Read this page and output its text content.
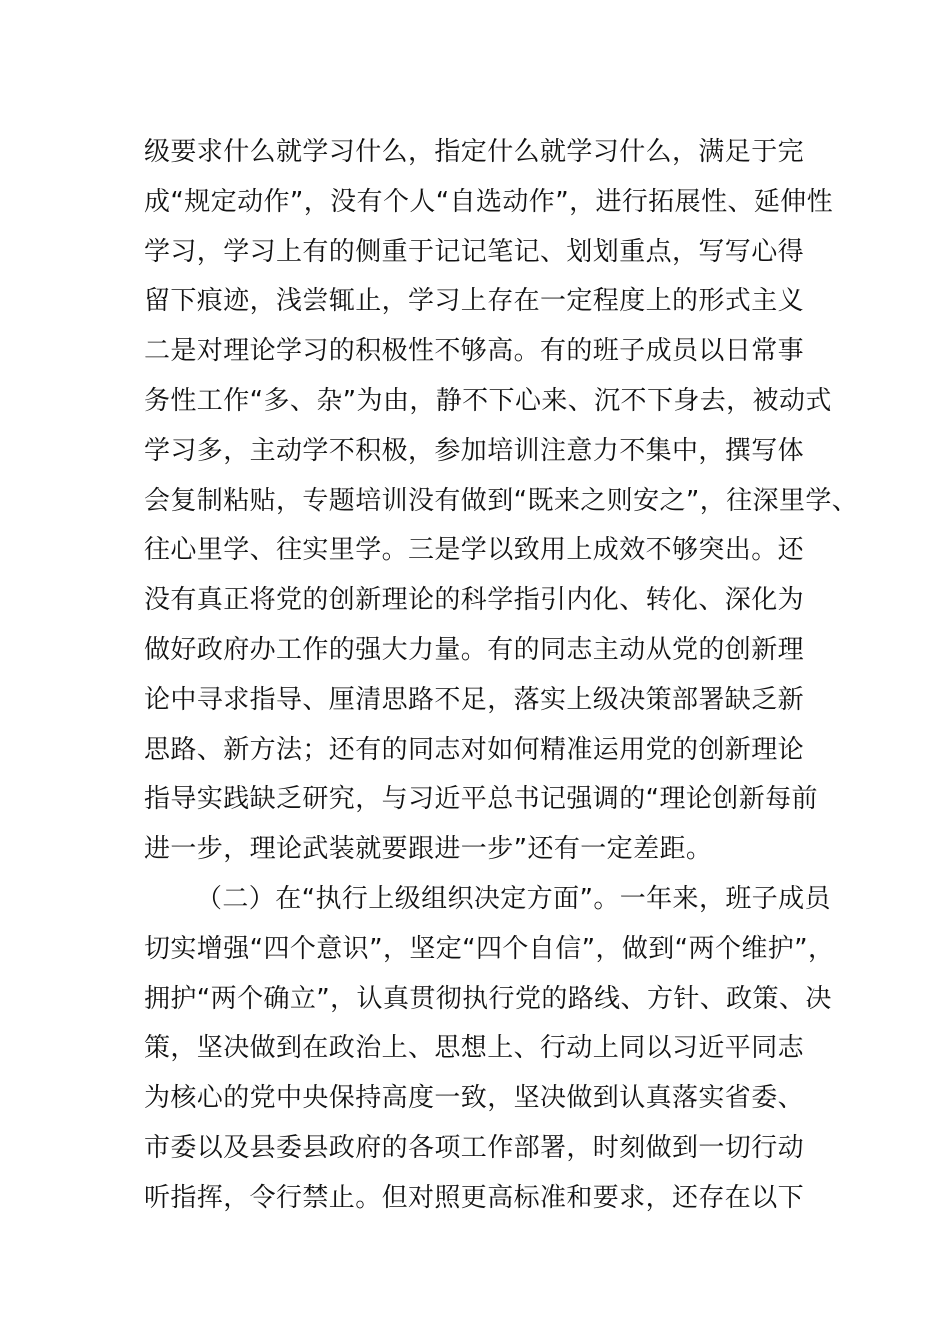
级要求什么就学习什么，指定什么就学习什么，满足于完
成“规定动作”，没有个人“自选动作”，进行拓展性、延伸性
学习，学习上有的侧重于记记笔记、划划重点，写写心得
留下痕迹，浅尝辄止，学习上存在一定程度上的形式主义
二是对理论学习的积极性不够高。有的班子成员以日常事
务性工作“多、杂”为由，静不下心来、沉不下身去，被动式
学习多，主动学不积极，参加培训注意力不集中，撰写体
会复制粘贴，专题培训没有做到“既来之则安之”，往深里学、
往心里学、往实里学。三是学以致用上成效不够突出。还
没有真正将党的创新理论的科学指引内化、转化、深化为
做好政府办工作的强大力量。有的同志主动从党的创新理
论中寻求指导、厘清思路不足，落实上级决策部署缺乏新
思路、新方法；还有的同志对如何精准运用党的创新理论
指导实践缺乏研究，与习近平总书记强调的“理论创新每前
进一步，理论武装就要跟进一步”还有一定差距。
（二）在“执行上级组织决定方面”。一年来，班子成员
切实增强“四个意识”，坚定“四个自信”，做到“两个维护”，
拥护“两个确立”，认真贯彻执行党的路线、方针、政策、决
策，坚决做到在政治上、思想上、行动上同以习近平同志
为核心的党中央保持高度一致，坚决做到认真落实省委、
市委以及县委县政府的各项工作部署，时刻做到一切行动
听指挥，令行禁止。但对照更高标准和要求，还存在以下
